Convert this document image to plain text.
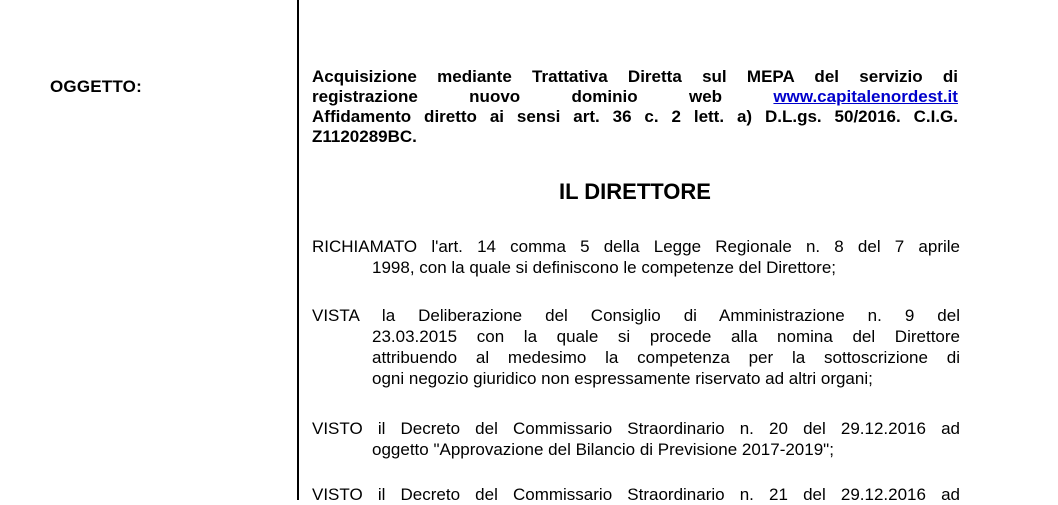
OGGETTO:
Acquisizione mediante Trattativa Diretta sul MEPA del servizio di
registrazione	nuovo	dominio	web	www.capitalenordest.it
Affidamento diretto ai sensi art. 36 c. 2 lett. a) D.L.gs. 50/2016. C.I.G.
Z1120289BC.
IL DIRETTORE
RICHIAMATO l'art. 14 comma 5 della Legge Regionale n. 8 del 7 aprile
1998, con la quale si definiscono le competenze del Direttore;
VISTA la Deliberazione del Consiglio di Amministrazione n. 9 del
23.03.2015 con la quale si procede alla nomina del Direttore
attribuendo al medesimo la competenza per la sottoscrizione di
ogni negozio giuridico non espressamente riservato ad altri organi;
VISTO il Decreto del Commissario Straordinario n. 20 del 29.12.2016 ad
oggetto "Approvazione del Bilancio di Previsione 2017-2019";
VISTO il Decreto del Commissario Straordinario n. 21 del 29.12.2016 ad
